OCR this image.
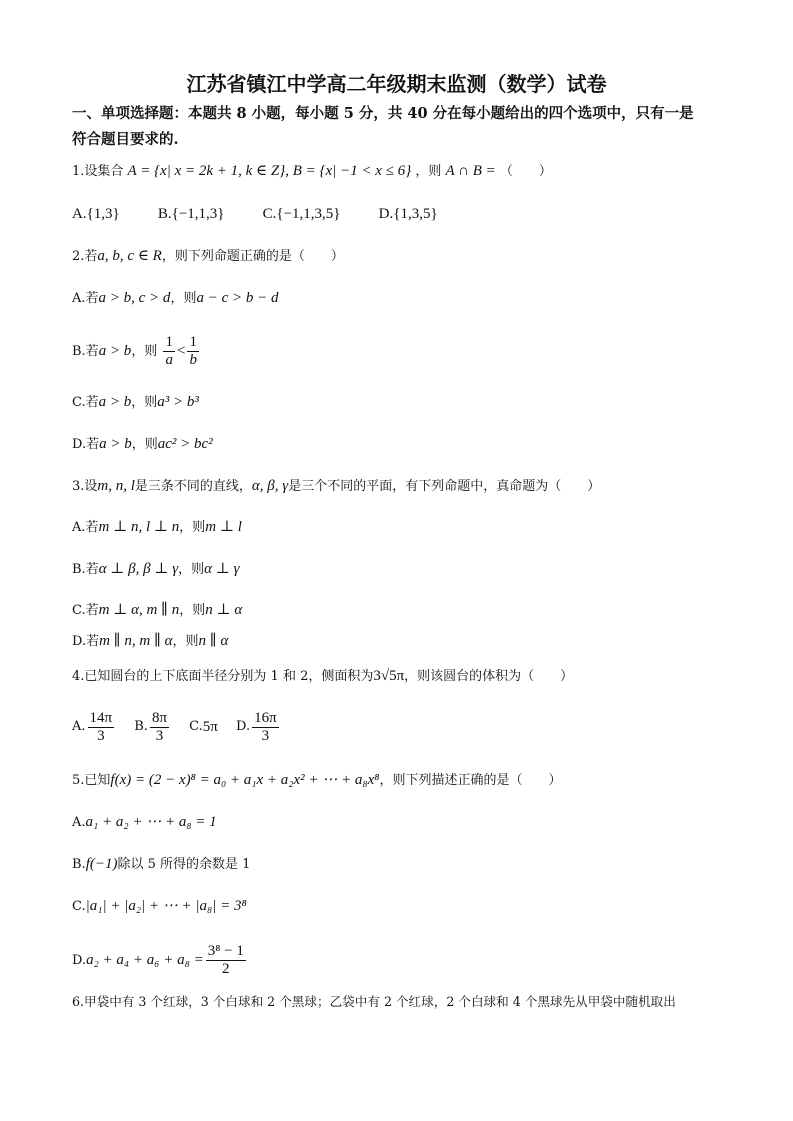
江苏省镇江中学高二年级期末监测（数学）试卷
一、单项选择题：本题共 8 小题，每小题 5 分，共 40 分在每小题给出的四个选项中，只有一是
符合题目要求的.
1.设集合 A = {x| x = 2k + 1, k ∈ Z}, B = {x| −1 < x ≤ 6} ，则 A ∩ B = （　　）
A.{1,3}	B.{−1,1,3}	C.{−1,1,3,5}	D.{1,3,5}
2.若a, b, c ∈ R，则下列命题正确的是（　　）
A.若a > b, c > d，则a − c > b − d
B.若a > b，则 $\frac{1}{a} < \frac{1}{b}$
C.若a > b，则a³ > b³
D.若a > b，则ac² > bc²
3.设m, n, l是三条不同的直线，α, β, γ是三个不同的平面，有下列命题中，真命题为（　　）
A.若m ⊥ n, l ⊥ n，则m ⊥ l
B.若α ⊥ β, β ⊥ γ，则α ⊥ γ
C.若m ⊥ α, m ∥ n，则n ⊥ α
D.若m ∥ n, m ∥ α，则n ∥ α
4.已知圆台的上下底面半径分别为 1 和 2，侧面积为3√5π，则该圆台的体积为（　　）
A. $\frac{14\pi}{3}$
B. $\frac{8\pi}{3}$
C. 5π
D. $\frac{16\pi}{3}$
5.已知f(x) = (2 − x)⁸ = a₀ + a₁x + a₂x² + ⋯ + a₈x⁸，则下列描述正确的是（　　）
A.a₁ + a₂ + ⋯ + a₈ = 1
B.f(−1)除以 5 所得的余数是 1
C.|a₁| + |a₂| + ⋯ + |a₈| = 3⁸
$D.a_2 + a_4 + a_6 + a_8 = \frac{\text{3⁸ − 1}}{2}$
6.甲袋中有 3 个红球，3 个白球和 2 个黑球；乙袋中有 2 个红球，2 个白球和 4 个黑球先从甲袋中随机取出
